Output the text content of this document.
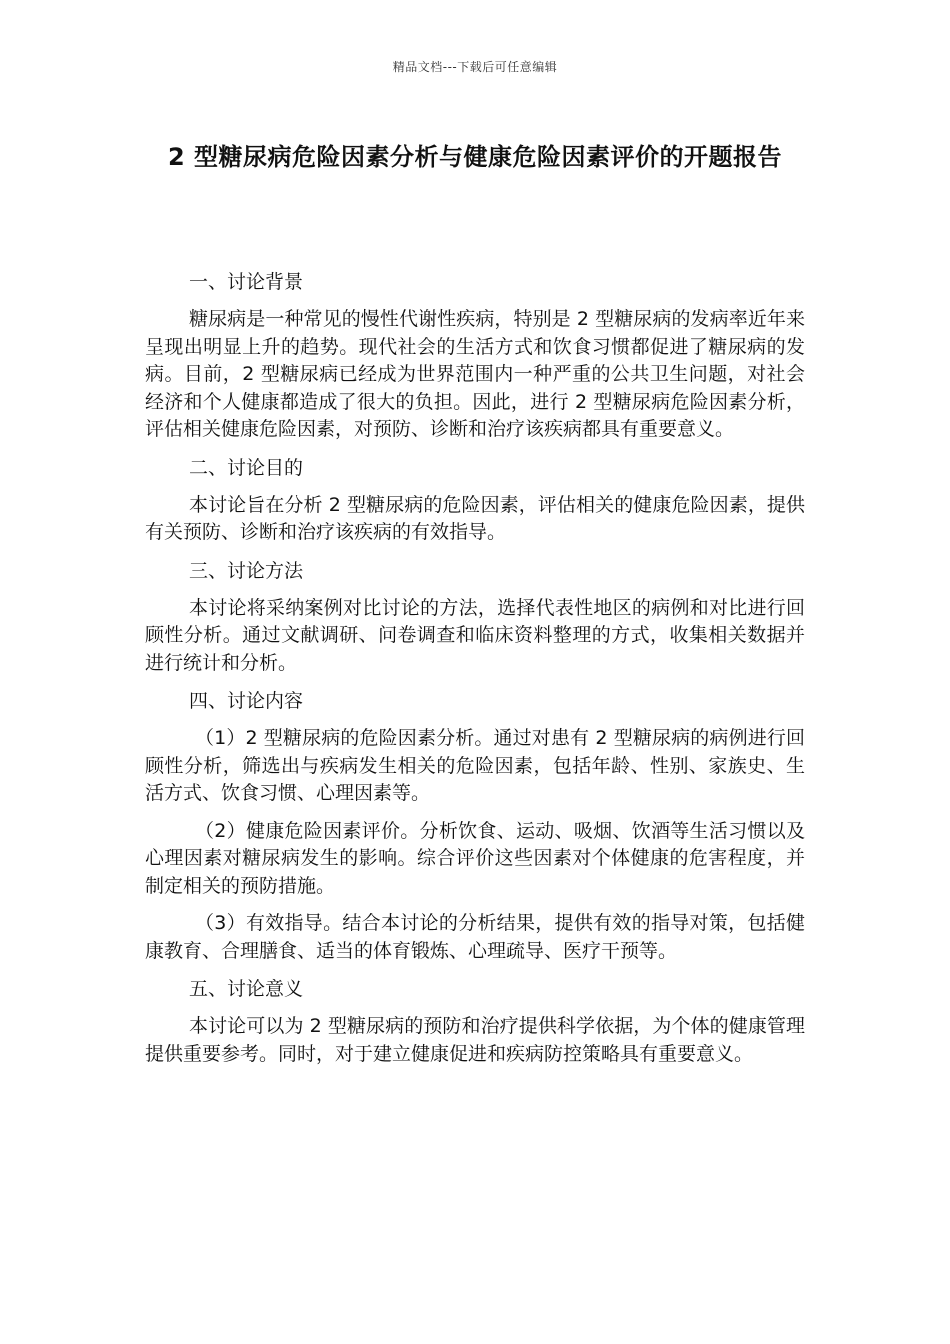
精品文档---下载后可任意编辑
2 型糖尿病危险因素分析与健康危险因素评价的开题报告

一、讨论背景

糖尿病是一种常见的慢性代谢性疾病，特别是 2 型糖尿病的发病率近年来呈现出明显上升的趋势。现代社会的生活方式和饮食习惯都促进了糖尿病的发病。目前，2 型糖尿病已经成为世界范围内一种严重的公共卫生问题，对社会经济和个人健康都造成了很大的负担。因此，进行 2 型糖尿病危险因素分析，评估相关健康危险因素，对预防、诊断和治疗该疾病都具有重要意义。

二、讨论目的

本讨论旨在分析 2 型糖尿病的危险因素，评估相关的健康危险因素，提供有关预防、诊断和治疗该疾病的有效指导。

三、讨论方法

本讨论将采纳案例对比讨论的方法，选择代表性地区的病例和对比进行回顾性分析。通过文献调研、问卷调查和临床资料整理的方式，收集相关数据并进行统计和分析。

四、讨论内容

（1）2 型糖尿病的危险因素分析。通过对患有 2 型糖尿病的病例进行回顾性分析，筛选出与疾病发生相关的危险因素，包括年龄、性别、家族史、生活方式、饮食习惯、心理因素等。

（2）健康危险因素评价。分析饮食、运动、吸烟、饮酒等生活习惯以及心理因素对糖尿病发生的影响。综合评价这些因素对个体健康的危害程度，并制定相关的预防措施。

（3）有效指导。结合本讨论的分析结果，提供有效的指导对策，包括健康教育、合理膳食、适当的体育锻炼、心理疏导、医疗干预等。

五、讨论意义

本讨论可以为 2 型糖尿病的预防和治疗提供科学依据，为个体的健康管理提供重要参考。同时，对于建立健康促进和疾病防控策略具有重要意义。
